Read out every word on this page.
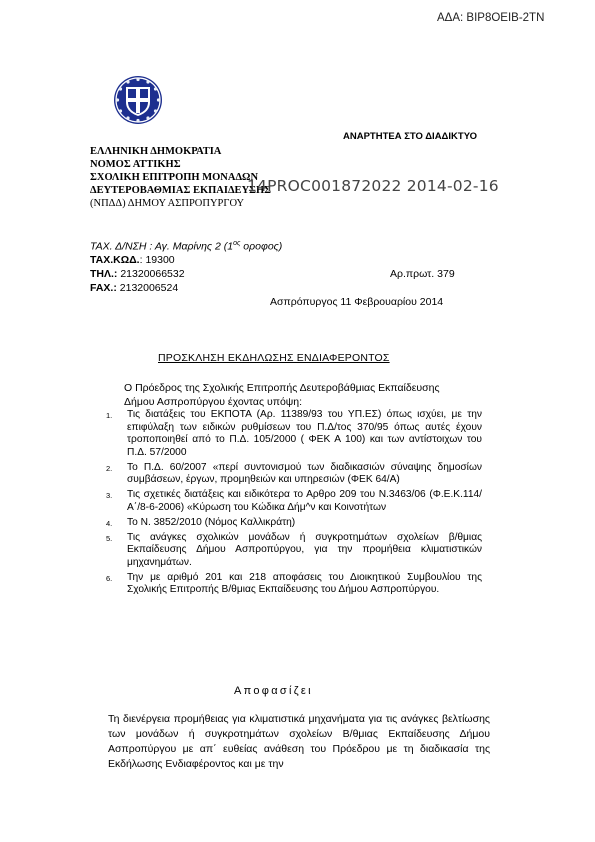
ΑΔΑ: ΒΙΡ8ΟΕΙΒ-2ΤΝ
ΑΝΑΡΤΗΤΕΑ ΣΤΟ ΔΙΑΔΙΚΤΥΟ
ΕΛΛΗΝΙΚΗ ΔΗΜΟΚΡΑΤΙΑ
ΝΟΜΟΣ ΑΤΤΙΚΗΣ
ΣΧΟΛΙΚΗ ΕΠΙΤΡΟΠΗ ΜΟΝΑΔΩΝ
ΔΕΥΤΕΡΟΒΑΘΜΙΑΣ ΕΚΠΑΙΔΕΥΣΗΣ
(ΝΠΔΔ) ΔΗΜΟΥ ΑΣΠΡΟΠΥΡΓΟΥ
14PROC001872022 2014-02-16
ΤΑΧ. Δ/ΝΣΗ : Αγ. Μαρίνης 2 ($1^{o\varsigma}$ οροφος)
ΤΑΧ.ΚΩΔ.: 19300
ΤΗΛ.: 21320066532
FAX.: 2132006524
Αρ.πρωτ. 379
Ασπρόπυργος 11 Φεβρουαρίου 2014
ΠΡΟΣΚΛΗΣΗ ΕΚΔΗΛΩΣΗΣ ΕΝΔΙΑΦΕΡΟΝΤΟΣ
Ο Πρόεδρος της Σχολικής Επιτροπής Δευτεροβάθμιας Εκπαίδευσης
Δήμου Ασπροπύργου έχοντας υπόψη:
1. Τις διατάξεις του ΕΚΠΟΤΑ (Αρ. 11389/93 του ΥΠ.ΕΣ) όπως ισχύει, με την επιφύλαξη των ειδικών ρυθμίσεων του Π.Δ/τος 370/95 όπως αυτές έχουν τροποποιηθεί από το Π.Δ. 105/2000 ( ΦΕΚ Α 100) και των αντίστοιχων του Π.Δ. 57/2000
2. Το Π.Δ. 60/2007 «περί συντονισμού των διαδικασιών σύναψης δημοσίων συμβάσεων, έργων, προμηθειών και υπηρεσιών (ΦΕΚ 64/Α)
3. Τις σχετικές διατάξεις και ειδικότερα το Αρθρο 209 του Ν.3463/06 (Φ.Ε.Κ.114/Α΄/8-6-2006) «Κύρωση του Κώδικα Δήμ^ν και Κοινοτήτων
4. Το Ν. 3852/2010 (Νόμος Καλλικράτη)
5. Τις ανάγκες σχολικών μονάδων ή συγκροτημάτων σχολείων β/θμιας Εκπαίδευσης Δήμου Ασπροπύργου, για την προμήθεια κλιματιστικών μηχανημάτων.
6. Την με αριθμό 201 και 218 αποφάσεις του Διοικητικού Συμβουλίου της Σχολικής Επιτροπής Β/θμιας Εκπαίδευσης του Δήμου Ασπροπύργου.
Αποφασίζει
Τη διενέργεια προμήθειας για κλιματιστικά μηχανήματα για τις ανάγκες βελτίωσης των μονάδων ή συγκροτημάτων σχολείων Β/θμιας Εκπαίδευσης Δήμου Ασπροπύργου με απ΄ ευθείας ανάθεση του Πρόεδρου με τη διαδικασία της Εκδήλωσης Ενδιαφέροντος και με την
